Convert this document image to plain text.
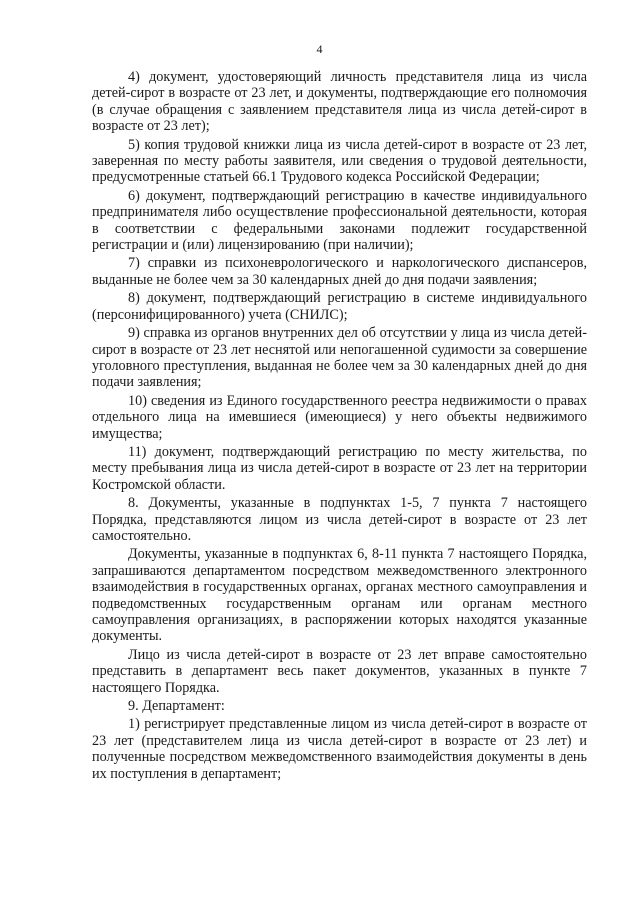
4

4) документ, удостоверяющий личность представителя лица из числа детей-сирот в возрасте от 23 лет, и документы, подтверждающие его полномочия (в случае обращения с заявлением представителя лица из числа детей-сирот в возрасте от 23 лет);

5) копия трудовой книжки лица из числа детей-сирот в возрасте от 23 лет, заверенная по месту работы заявителя, или сведения о трудовой деятельности, предусмотренные статьей 66.1 Трудового кодекса Российской Федерации;

6) документ, подтверждающий регистрацию в качестве индивидуального предпринимателя либо осуществление профессиональной деятельности, которая в соответствии с федеральными законами подлежит государственной регистрации и (или) лицензированию (при наличии);

7) справки из психоневрологического и наркологического диспансеров, выданные не более чем за 30 календарных дней до дня подачи заявления;

8) документ, подтверждающий регистрацию в системе индивидуального (персонифицированного) учета (СНИЛС);

9) справка из органов внутренних дел об отсутствии у лица из числа детей-сирот в возрасте от 23 лет неснятой или непогашенной судимости за совершение уголовного преступления, выданная не более чем за 30 календарных дней до дня подачи заявления;

10) сведения из Единого государственного реестра недвижимости о правах отдельного лица на имевшиеся (имеющиеся) у него объекты недвижимого имущества;

11) документ, подтверждающий регистрацию по месту жительства, по месту пребывания лица из числа детей-сирот в возрасте от 23 лет на территории Костромской области.

8. Документы, указанные в подпунктах 1-5, 7 пункта 7 настоящего Порядка, представляются лицом из числа детей-сирот в возрасте от 23 лет самостоятельно.

Документы, указанные в подпунктах 6, 8-11 пункта 7 настоящего Порядка, запрашиваются департаментом посредством межведомственного электронного взаимодействия в государственных органах, органах местного самоуправления и подведомственных государственным органам или органам местного самоуправления организациях, в распоряжении которых находятся указанные документы.

Лицо из числа детей-сирот в возрасте от 23 лет вправе самостоятельно представить в департамент весь пакет документов, указанных в пункте 7 настоящего Порядка.

9. Департамент:

1) регистрирует представленные лицом из числа детей-сирот в возрасте от 23 лет (представителем лица из числа детей-сирот в возрасте от 23 лет) и полученные посредством межведомственного взаимодействия документы в день их поступления в департамент;
